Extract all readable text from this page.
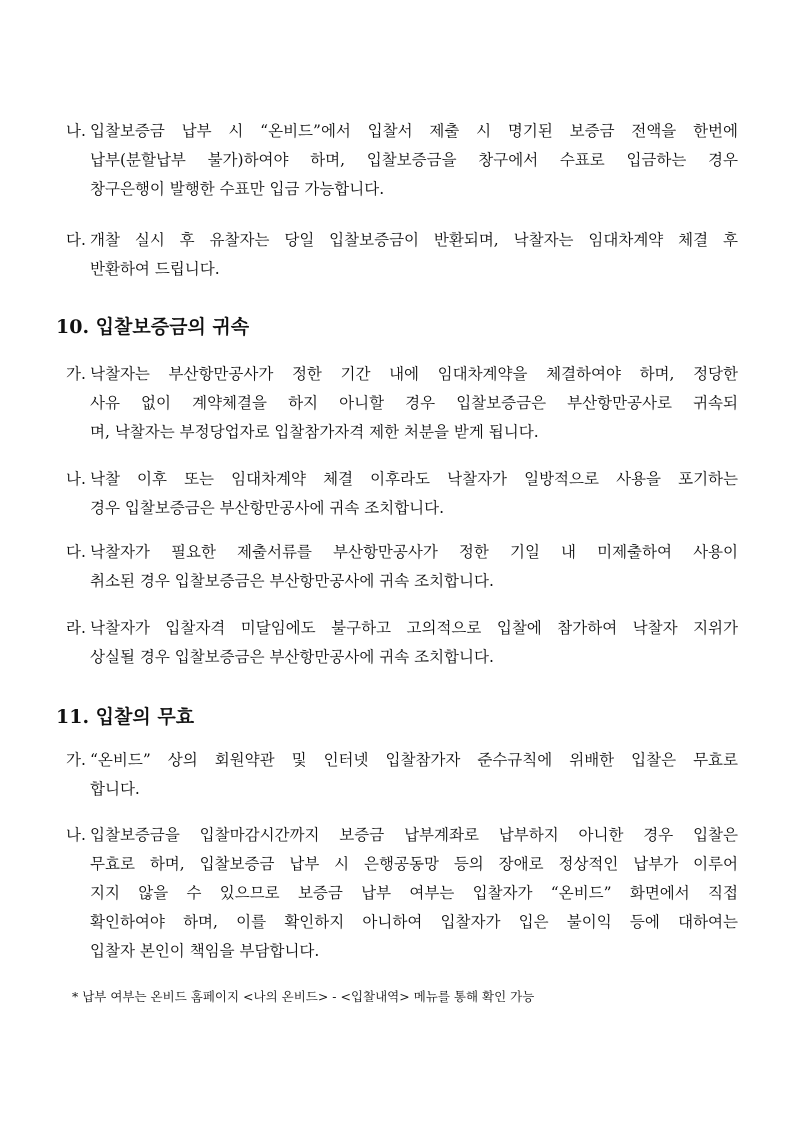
나. 입찰보증금 납부 시 “온비드”에서 입찰서 제출 시 명기된 보증금 전액을 한번에
납부(분할납부 불가)하여야 하며, 입찰보증금을 창구에서 수표로 입금하는 경우
창구은행이 발행한 수표만 입금 가능합니다.
다. 개찰 실시 후 유찰자는 당일 입찰보증금이 반환되며, 낙찰자는 임대차계약 체결 후
반환하여 드립니다.
10. 입찰보증금의 귀속
가. 낙찰자는 부산항만공사가 정한 기간 내에 임대차계약을 체결하여야 하며, 정당한
사유 없이 계약체결을 하지 아니할 경우 입찰보증금은 부산항만공사로 귀속되
며, 낙찰자는 부정당업자로 입찰참가자격 제한 처분을 받게 됩니다.
나. 낙찰 이후 또는 임대차계약 체결 이후라도 낙찰자가 일방적으로 사용을 포기하는
경우 입찰보증금은 부산항만공사에 귀속 조치합니다.
다. 낙찰자가 필요한 제출서류를 부산항만공사가 정한 기일 내 미제출하여 사용이
취소된 경우 입찰보증금은 부산항만공사에 귀속 조치합니다.
라. 낙찰자가 입찰자격 미달임에도 불구하고 고의적으로 입찰에 참가하여 낙찰자 지위가
상실될 경우 입찰보증금은 부산항만공사에 귀속 조치합니다.
11. 입찰의 무효
가. “온비드” 상의 회원약관 및 인터넷 입찰참가자 준수규칙에 위배한 입찰은 무효로
합니다.
나. 입찰보증금을 입찰마감시간까지 보증금 납부계좌로 납부하지 아니한 경우 입찰은
무효로 하며, 입찰보증금 납부 시 은행공동망 등의 장애로 정상적인 납부가 이루어
지지 않을 수 있으므로 보증금 납부 여부는 입찰자가 “온비드” 화면에서 직접
확인하여야 하며, 이를 확인하지 아니하여 입찰자가 입은 불이익 등에 대하여는
입찰자 본인이 책임을 부담합니다.
* 납부 여부는 온비드 홈페이지 <나의 온비드> - <입찰내역> 메뉴를 통해 확인 가능
